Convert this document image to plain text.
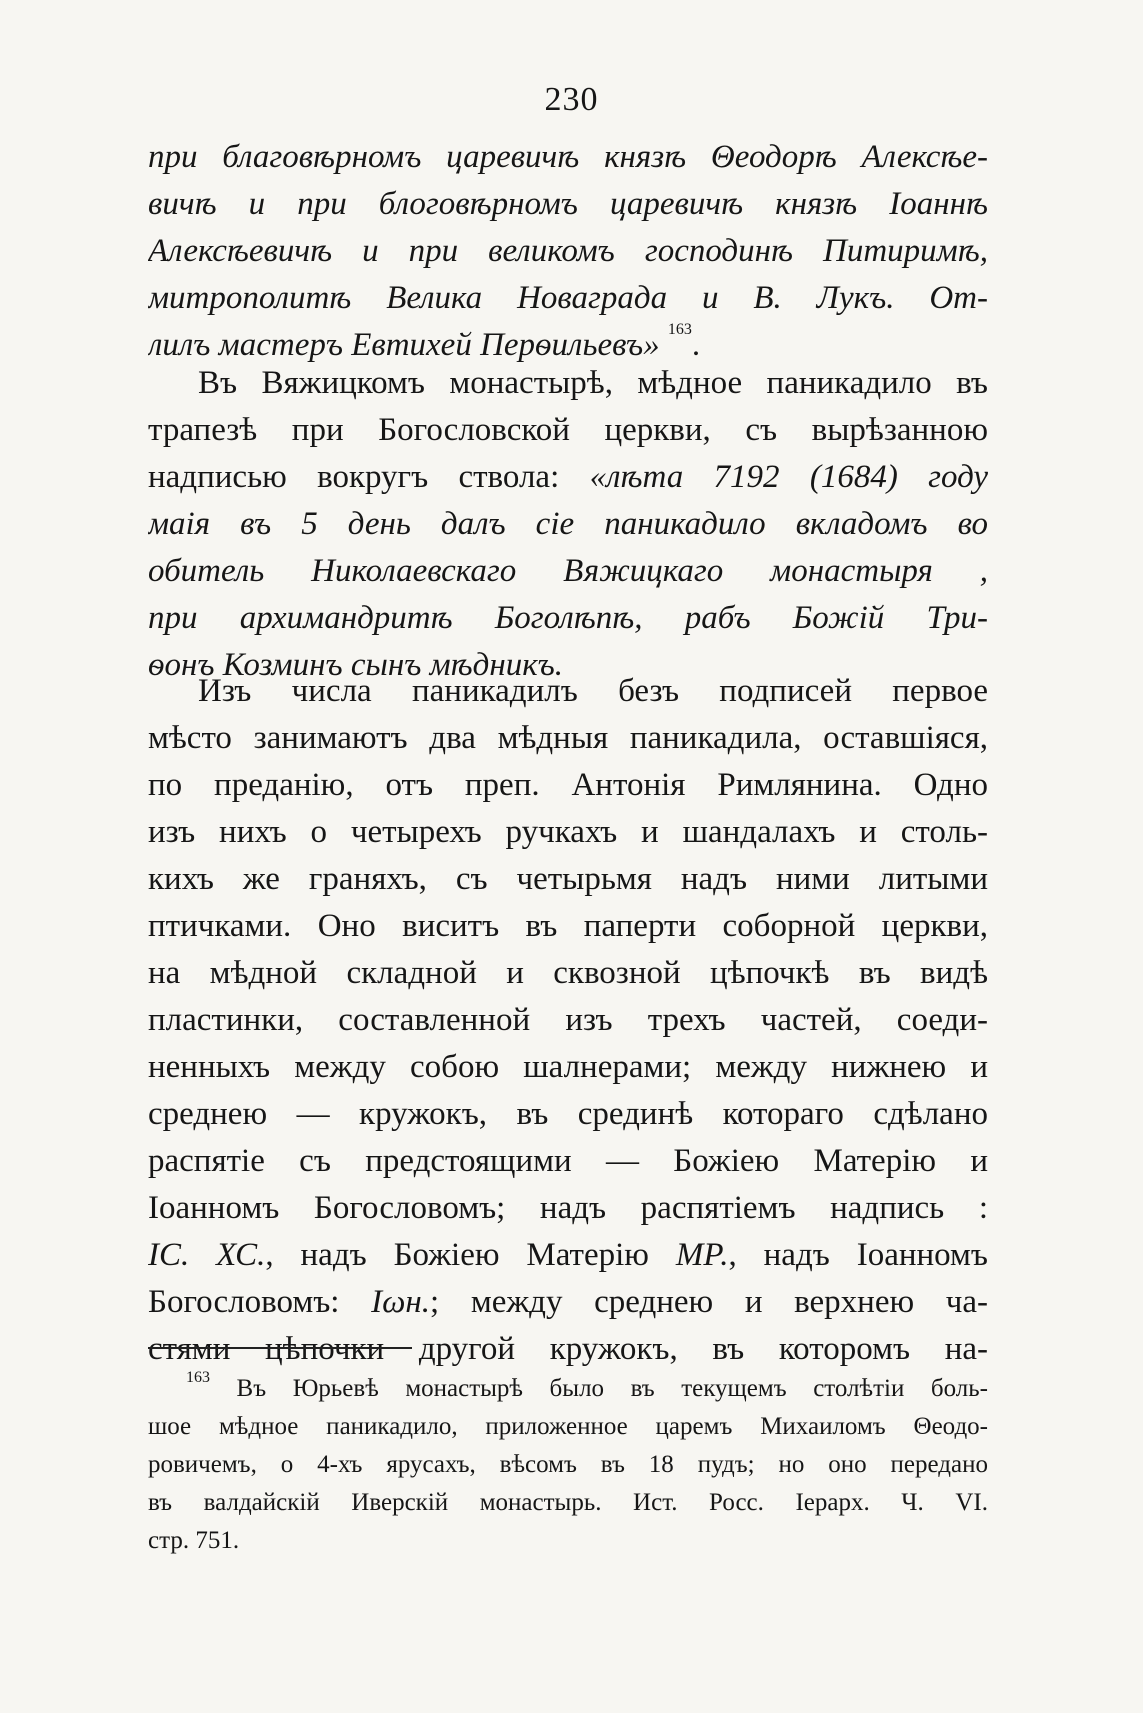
230
при благовѣрномъ царевичѣ князѣ Θеодорѣ Алексѣе-
вичѣ и при блоговѣрномъ царевичѣ князѣ Іоаннѣ
Алексѣевичѣ и при великомъ господинѣ Питиримѣ,
митрополитѣ Велика Новаграда и В. Лукъ. От-
лилъ мастеръ Евтихей Перѳильевъ» $^{163}$.
Въ Вяжицкомъ монастырѣ, мѣдное паникадило въ
трапезѣ при Богословской церкви, съ вырѣзанною
надписью вокругъ ствола: «лѣта 7192 (1684) году
маія въ 5 день далъ сіе паникадило вкладомъ во
обитель Николаевскаго Вяжицкаго монастыря ,
при архимандритѣ Боголѣпѣ, рабъ Божій Три-
ѳонъ Козминъ сынъ мѣдникъ.
Изъ числа паникадилъ безъ подписей первое
мѣсто занимаютъ два мѣдныя паникадила, оставшіяся,
по преданію, отъ преп. Антонія Римлянина. Одно
изъ нихъ о четырехъ ручкахъ и шандалахъ и столь-
кихъ же граняхъ, съ четырьмя надъ ними литыми
птичками. Оно виситъ въ паперти соборной церкви,
на мѣдной складной и сквозной цѣпочкѣ въ видѣ
пластинки, составленной изъ трехъ частей, соеди-
ненныхъ между собою шалнерами; между нижнею и
среднею — кружокъ, въ срединѣ котораго сдѣлано
распятіе съ предстоящими — Божіею Матерію и
Іоанномъ Богословомъ; надъ распятіемъ надпись :
ІС. ХС., надъ Божіею Матерію МР., надъ Іоанномъ
Богословомъ: Іωн.; между среднею и верхнею ча-
стями цѣпочки другой кружокъ, въ которомъ на-
$^{163}$ Въ Юрьевѣ монастырѣ было въ текущемъ столѣтіи боль-
шое мѣдное паникадило, приложенное царемъ Михаиломъ Θеодо-
ровичемъ, о 4-хъ ярусахъ, вѣсомъ въ 18 пудъ; но оно передано
въ валдайскій Иверскій монастырь. Ист. Росс. Іерарх. Ч. VI.
стр. 751.
